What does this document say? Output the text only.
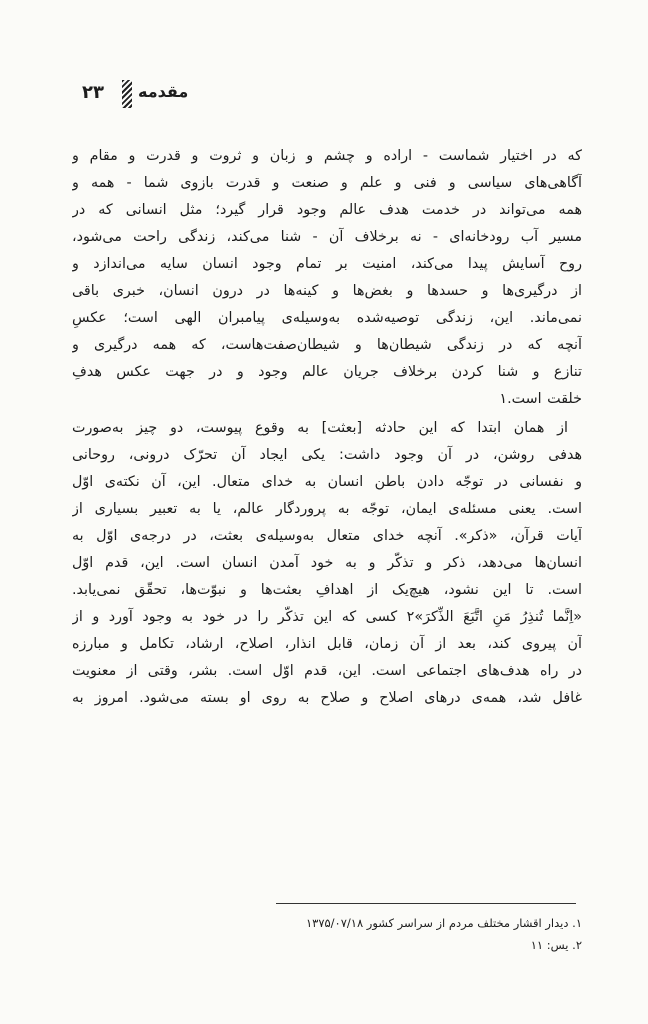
۲۳ مقدمه
که در اختیار شماست - اراده و چشم و زبان و ثروت و قدرت و مقام و
آگاهی‌های سیاسی و فنی و علم و صنعت و قدرت بازوی شما - همه و
همه می‌تواند در خدمت هدف عالم وجود قرار گیرد؛ مثل انسانی که در
مسیر آب رودخانه‌ای - نه برخلاف آن - شنا می‌کند، زندگی راحت می‌شود،
روح آسایش پیدا می‌کند، امنیت بر تمام وجود انسان سایه می‌اندازد و
از درگیری‌ها و حسدها و بغض‌ها و کینه‌ها در درون انسان، خبری باقی
نمی‌ماند. این، زندگی توصیه‌شده به‌وسیله‌ی پیامبران الهی است؛ عکسِ
آنچه که در زندگی شیطان‌ها و شیطان‌صفت‌هاست، که همه درگیری و
تنازع و شنا کردن برخلاف جریان عالم وجود و در جهت عکس هدفِ
خلقت است.۱
از همان ابتدا که این حادثه [بعثت] به وقوع پیوست، دو چیز به‌صورت
هدفی روشن، در آن وجود داشت: یکی ایجاد آن تحرّک درونی، روحانی
و نفسانی در توجّه دادن باطن انسان به خدای متعال. این، آن نکته‌ی اوّل
است. یعنی مسئله‌ی ایمان، توجّه به پروردگار عالم، یا به تعبیر بسیاری از
آیات قرآن، «ذکر». آنچه خدای متعال به‌وسیله‌ی بعثت، در درجه‌ی اوّل به
انسان‌ها می‌دهد، ذکر و تذکّر و به خود آمدن انسان است. این، قدم اوّل
است. تا این نشود، هیچ‌یک از اهدافِ بعثت‌ها و نبوّت‌ها، تحقّق نمی‌یابد.
«اِنَّما تُنذِرُ مَنِ اتَّبَعَ الذِّکرَ»۲ کسی که این تذکّر را در خود به وجود آورد و از
آن پیروی کند، بعد از آن زمان، قابل انذار، اصلاح، ارشاد، تکامل و مبارزه
در راه هدف‌های اجتماعی است. این، قدم اوّل است. بشر، وقتی از معنویت
غافل شد، همه‌ی درهای اصلاح و صلاح به روی او بسته می‌شود. امروز به
۱. دیدار اقشار مختلف مردم از سراسر کشور ۱۳۷۵/۰۷/۱۸
۲. یس: ۱۱
